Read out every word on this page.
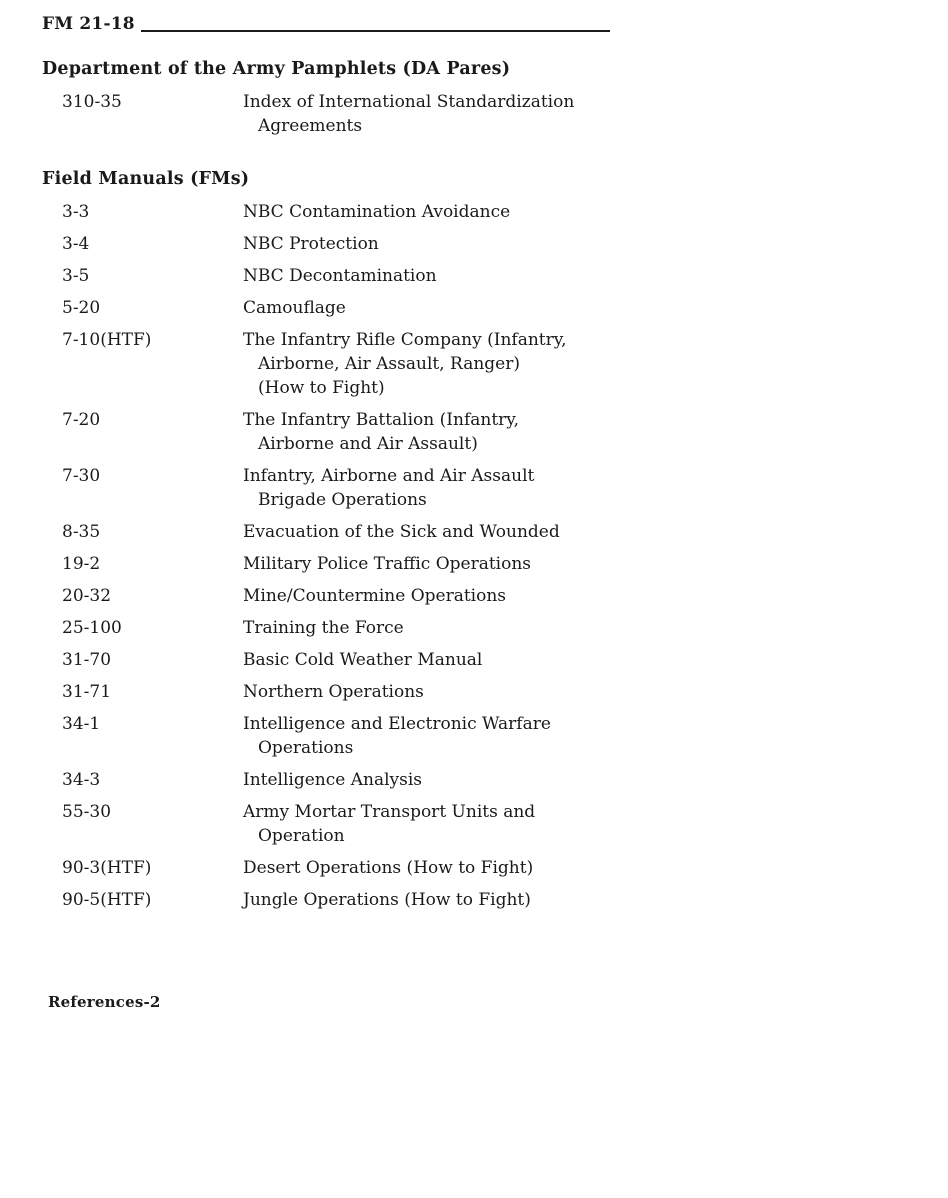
FM 21-18
Department of the Army Pamphlets (DA Pares)
310-35	Index of International Standardization
Agreements
Field Manuals (FMs)
3-3	NBC Contamination Avoidance
3-4	NBC Protection
3-5	NBC Decontamination
5-20	Camouflage
7-10(HTF)	The Infantry Rifle Company (Infantry,
Airborne, Air Assault, Ranger)
(How to Fight)
7-20	The Infantry Battalion (Infantry,
Airborne and Air Assault)
7-30	Infantry, Airborne and Air Assault
Brigade Operations
8-35	Evacuation of the Sick and Wounded
19-2	Military Police Traffic Operations
20-32	Mine/Countermine Operations
25-100	Training the Force
31-70	Basic Cold Weather Manual
31-71	Northern Operations
34-1	Intelligence and Electronic Warfare
Operations
34-3	Intelligence Analysis
55-30	Army Mortar Transport Units and
Operation
90-3(HTF)	Desert Operations (How to Fight)
90-5(HTF)	Jungle Operations (How to Fight)
References-2
